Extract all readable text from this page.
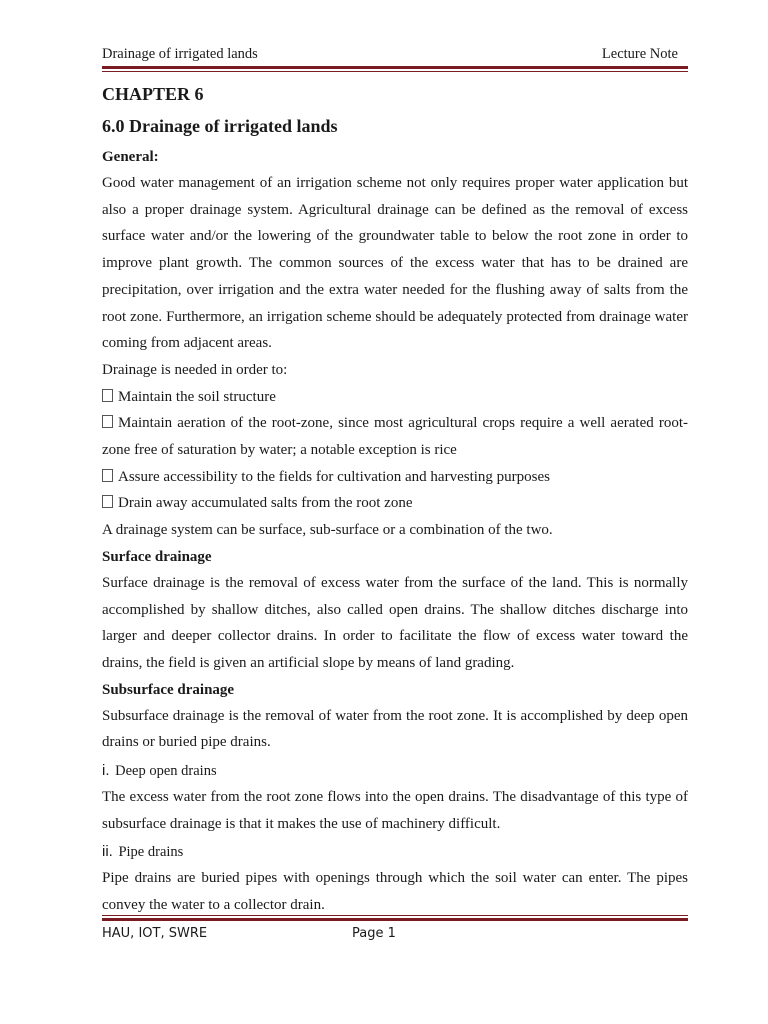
Drainage of irrigated lands	Lecture Note
CHAPTER 6
6.0 Drainage of irrigated lands
General:

Good water management of an irrigation scheme not only requires proper water application but also a proper drainage system. Agricultural drainage can be defined as the removal of excess surface water and/or the lowering of the groundwater table to below the root zone in order to improve plant growth. The common sources of the excess water that has to be drained are precipitation, over irrigation and the extra water needed for the flushing away of salts from the root zone. Furthermore, an irrigation scheme should be adequately protected from drainage water coming from adjacent areas.

Drainage is needed in order to:

Maintain the soil structure
Maintain aeration of the root-zone, since most agricultural crops require a well aerated root-zone free of saturation by water; a notable exception is rice
Assure accessibility to the fields for cultivation and harvesting purposes
Drain away accumulated salts from the root zone

A drainage system can be surface, sub-surface or a combination of the two.

Surface drainage

Surface drainage is the removal of excess water from the surface of the land. This is normally accomplished by shallow ditches, also called open drains. The shallow ditches discharge into larger and deeper collector drains. In order to facilitate the flow of excess water toward the drains, the field is given an artificial slope by means of land grading.

Subsurface drainage

Subsurface drainage is the removal of water from the root zone. It is accomplished by deep open drains or buried pipe drains.

i. Deep open drains

The excess water from the root zone flows into the open drains. The disadvantage of this type of subsurface drainage is that it makes the use of machinery difficult.

ii. Pipe drains

Pipe drains are buried pipes with openings through which the soil water can enter. The pipes convey the water to a collector drain.

HAU, IOT, SWRE	Page 1
